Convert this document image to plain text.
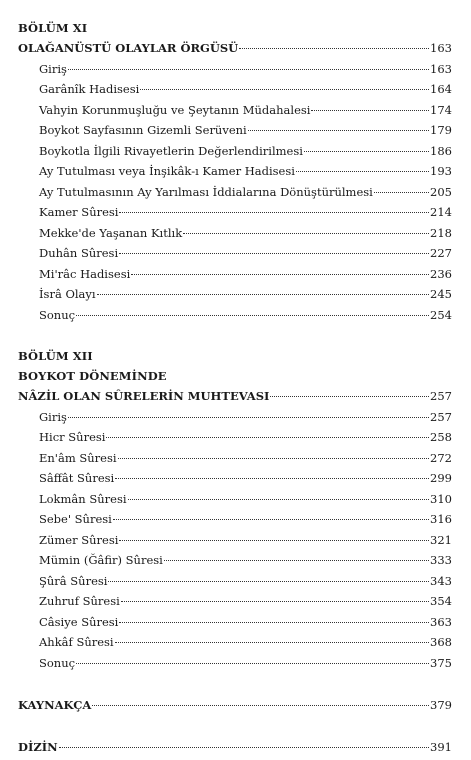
BÖLÜM XI
OLAĞANÜSTÜ OLAYLAR ÖRGÜSÜ	163
Giriş	163
Garânîk Hadisesi	164
Vahyin Korunmuşluğu ve Şeytanın Müdahalesi	174
Boykot Sayfasının Gizemli Serüveni	179
Boykotla İlgili Rivayetlerin Değerlendirilmesi	186
Ay Tutulması veya İnşikâk-ı Kamer Hadisesi	193
Ay Tutulmasının Ay Yarılması İddialarına Dönüştürülmesi	205
Kamer Sûresi	214
Mekke'de Yaşanan Kıtlık	218
Duhân Sûresi	227
Mi'râc Hadisesi	236
İsrâ Olayı	245
Sonuç	254
BÖLÜM XII
BOYKOT DÖNEMİNDE
NÂZİL OLAN SÛRELERİN MUHTEVASI	257
Giriş	257
Hicr Sûresi	258
En'âm Sûresi	272
Sâffât Sûresi	299
Lokmân Sûresi	310
Sebe' Sûresi	316
Zümer Sûresi	321
Mümin (Ğâfir) Sûresi	333
Şûrâ Sûresi	343
Zuhruf Sûresi	354
Câsiye Sûresi	363
Ahkâf Sûresi	368
Sonuç	375
KAYNAKÇA	379
DİZİN	391
